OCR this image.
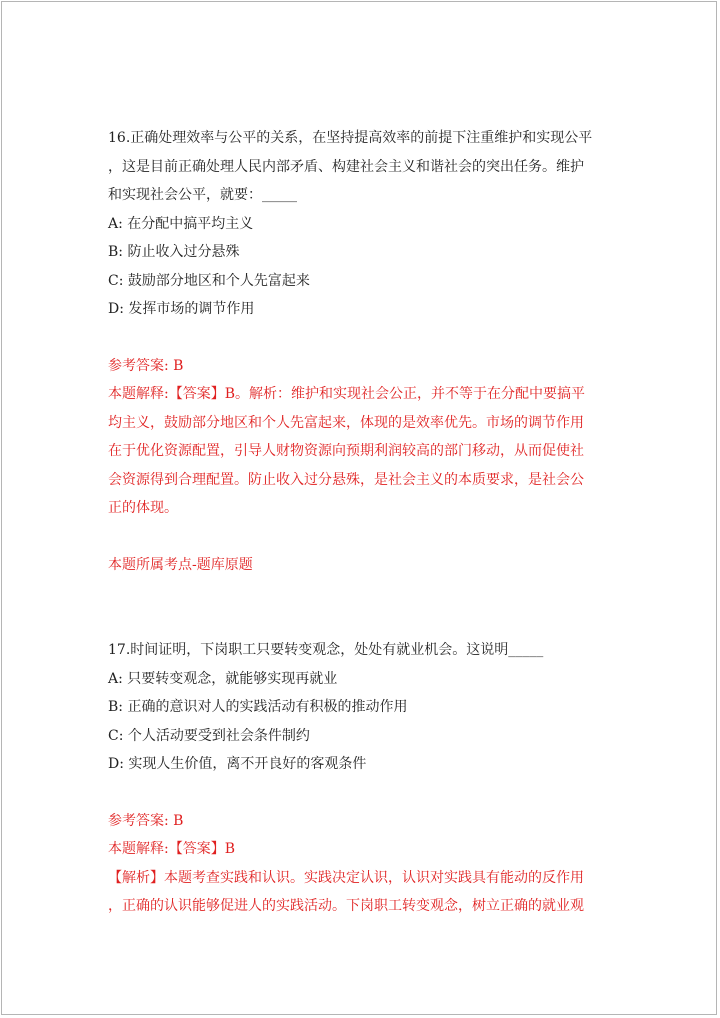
16.正确处理效率与公平的关系，在坚持提高效率的前提下注重维护和实现公平
，这是目前正确处理人民内部矛盾、构建社会主义和谐社会的突出任务。维护
和实现社会公平，就要：_____
A: 在分配中搞平均主义
B: 防止收入过分悬殊
C: 鼓励部分地区和个人先富起来
D: 发挥市场的调节作用
参考答案: B
本题解释:【答案】B。解析：维护和实现社会公正，并不等于在分配中要搞平
均主义，鼓励部分地区和个人先富起来，体现的是效率优先。市场的调节作用
在于优化资源配置，引导人财物资源向预期利润较高的部门移动，从而促使社
会资源得到合理配置。防止收入过分悬殊，是社会主义的本质要求，是社会公
正的体现。
本题所属考点-题库原题
17.时间证明，下岗职工只要转变观念，处处有就业机会。这说明_____
A: 只要转变观念，就能够实现再就业
B: 正确的意识对人的实践活动有积极的推动作用
C: 个人活动要受到社会条件制约
D: 实现人生价值，离不开良好的客观条件
参考答案: B
本题解释:【答案】B
【解析】本题考查实践和认识。实践决定认识，认识对实践具有能动的反作用
，正确的认识能够促进人的实践活动。下岗职工转变观念，树立正确的就业观
